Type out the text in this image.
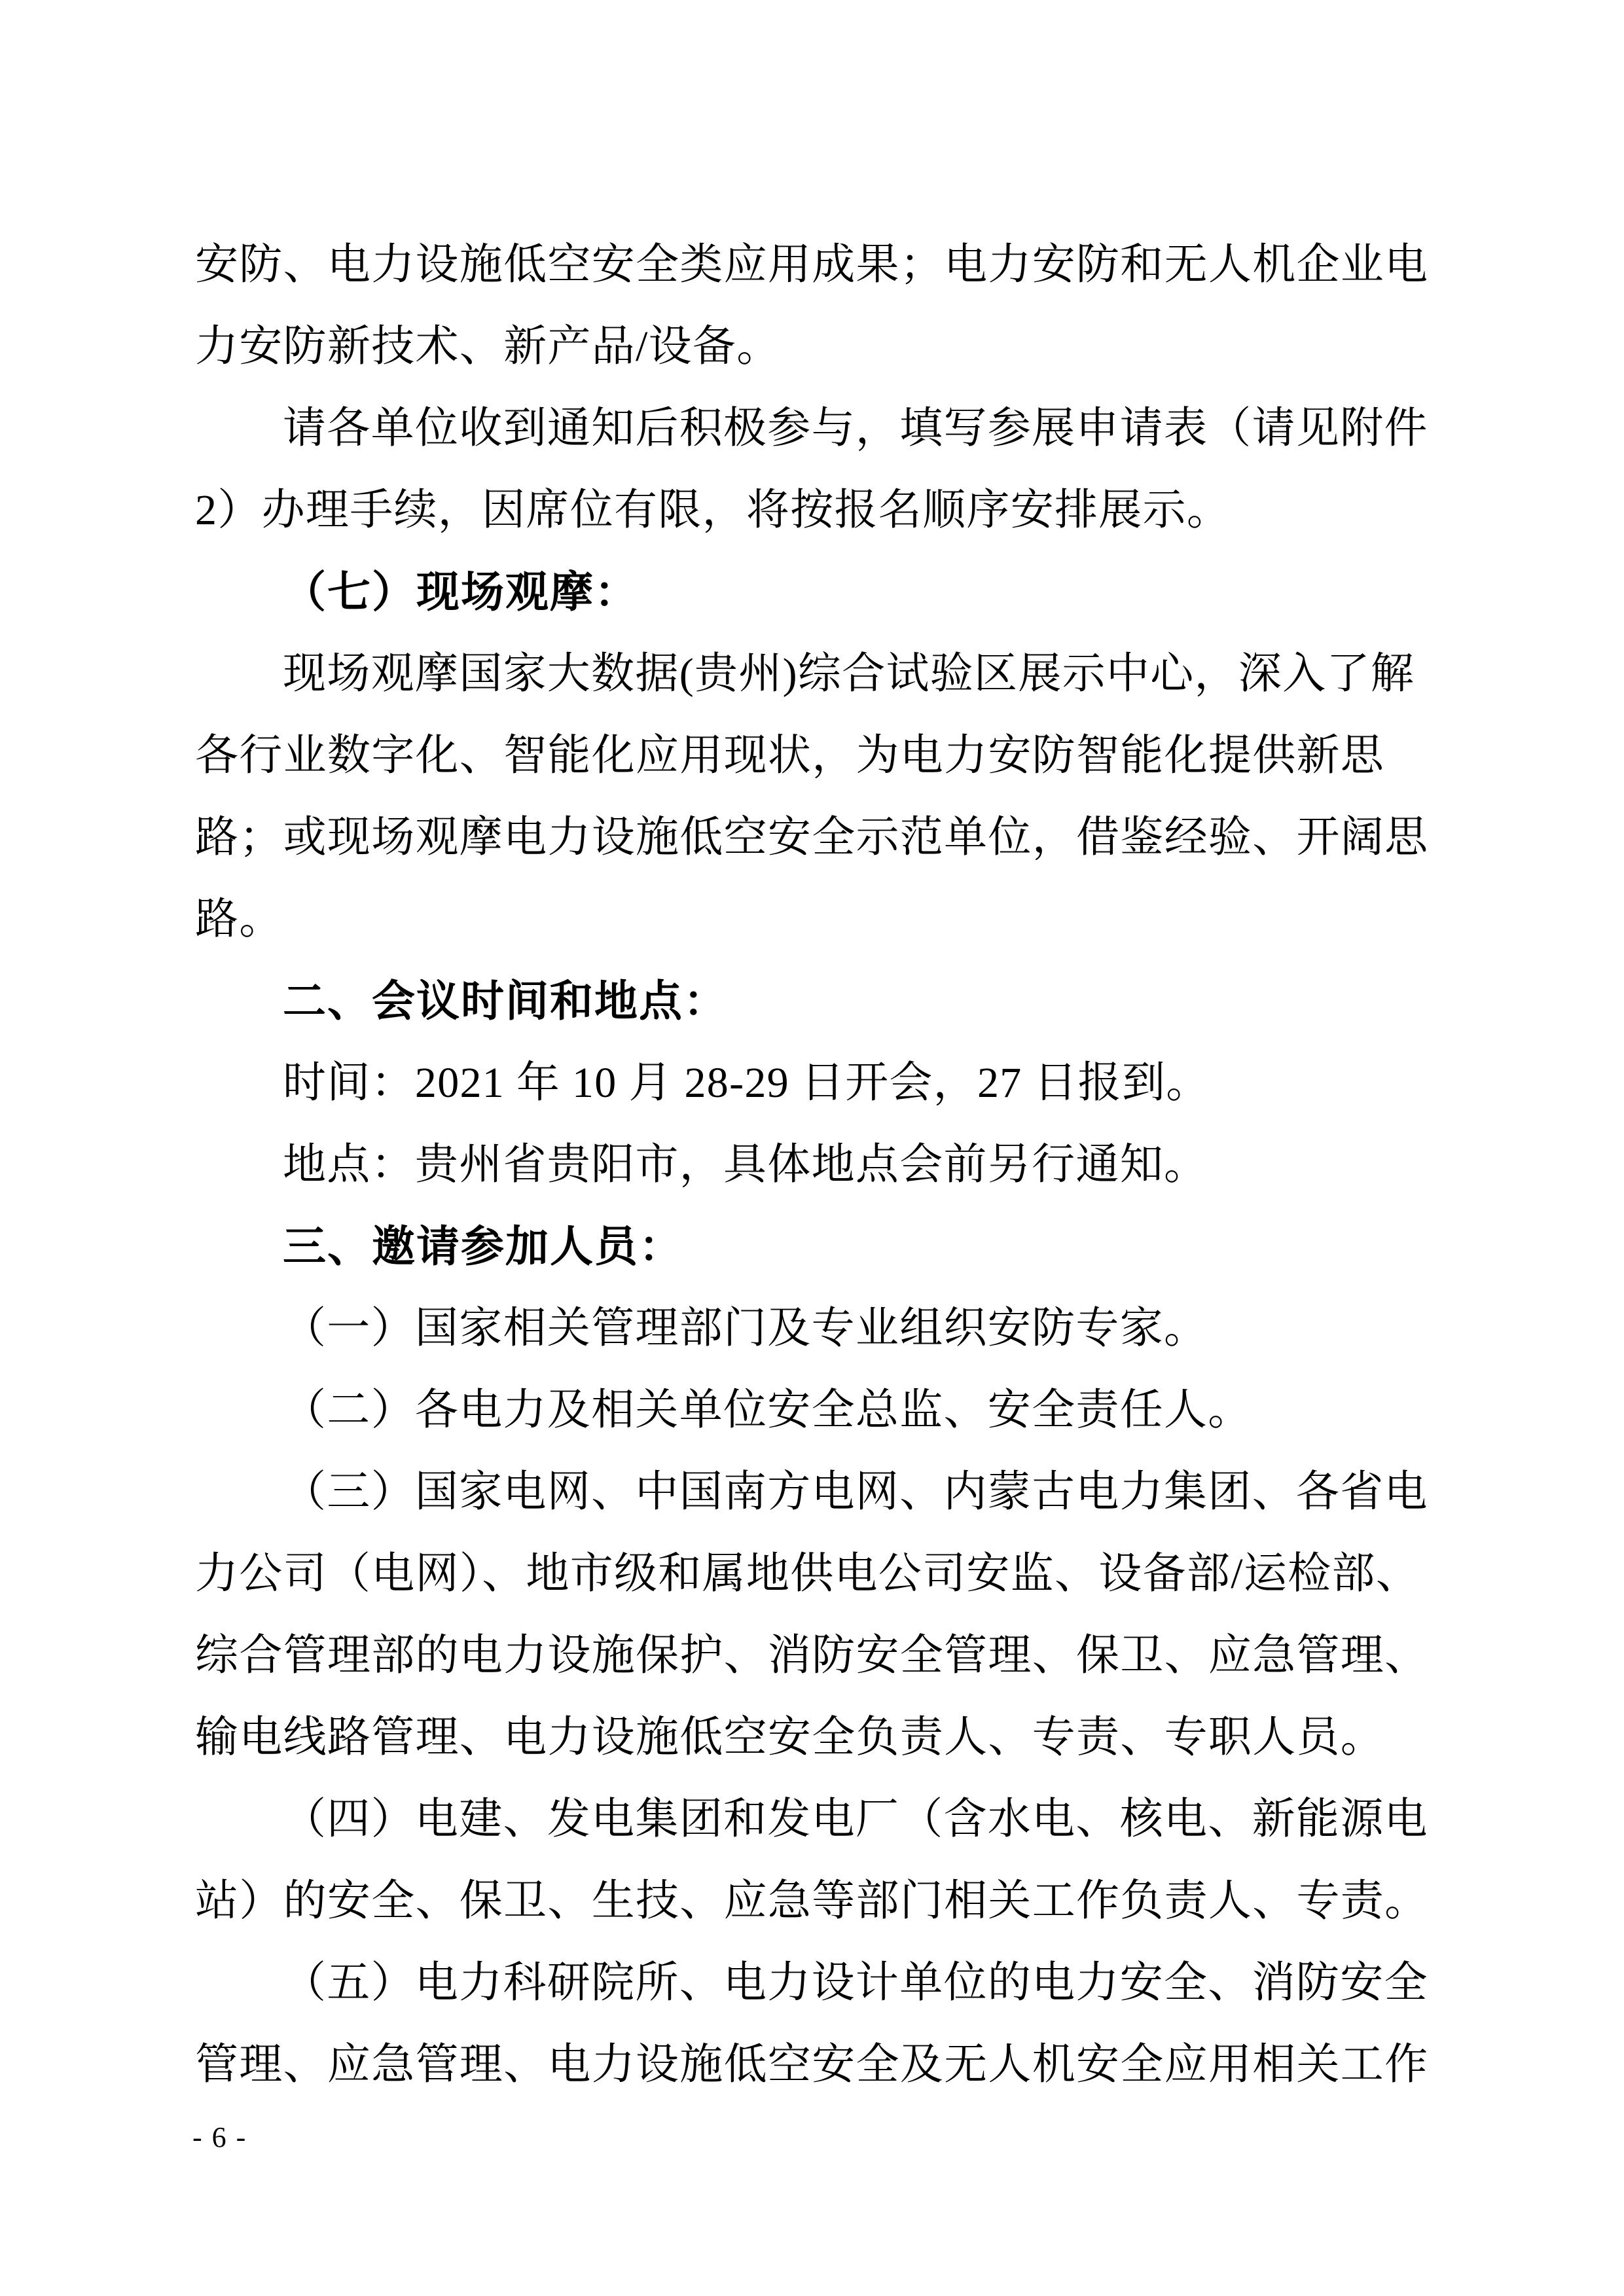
安防、电力设施低空安全类应用成果；电力安防和无人机企业电
力安防新技术、新产品/设备。
请各单位收到通知后积极参与，填写参展申请表（请见附件
2）办理手续，因席位有限，将按报名顺序安排展示。
（七）现场观摩：
现场观摩国家大数据(贵州)综合试验区展示中心，深入了解
各行业数字化、智能化应用现状，为电力安防智能化提供新思
路；或现场观摩电力设施低空安全示范单位，借鉴经验、开阔思
路。
二、会议时间和地点：
时间：2021 年 10 月 28-29 日开会，27 日报到。
地点：贵州省贵阳市，具体地点会前另行通知。
三、邀请参加人员：
（一）国家相关管理部门及专业组织安防专家。
（二）各电力及相关单位安全总监、安全责任人。
（三）国家电网、中国南方电网、内蒙古电力集团、各省电
力公司（电网）、地市级和属地供电公司安监、设备部/运检部、
综合管理部的电力设施保护、消防安全管理、保卫、应急管理、
输电线路管理、电力设施低空安全负责人、专责、专职人员。
（四）电建、发电集团和发电厂（含水电、核电、新能源电
站）的安全、保卫、生技、应急等部门相关工作负责人、专责。
（五）电力科研院所、电力设计单位的电力安全、消防安全
管理、应急管理、电力设施低空安全及无人机安全应用相关工作
- 6 -
